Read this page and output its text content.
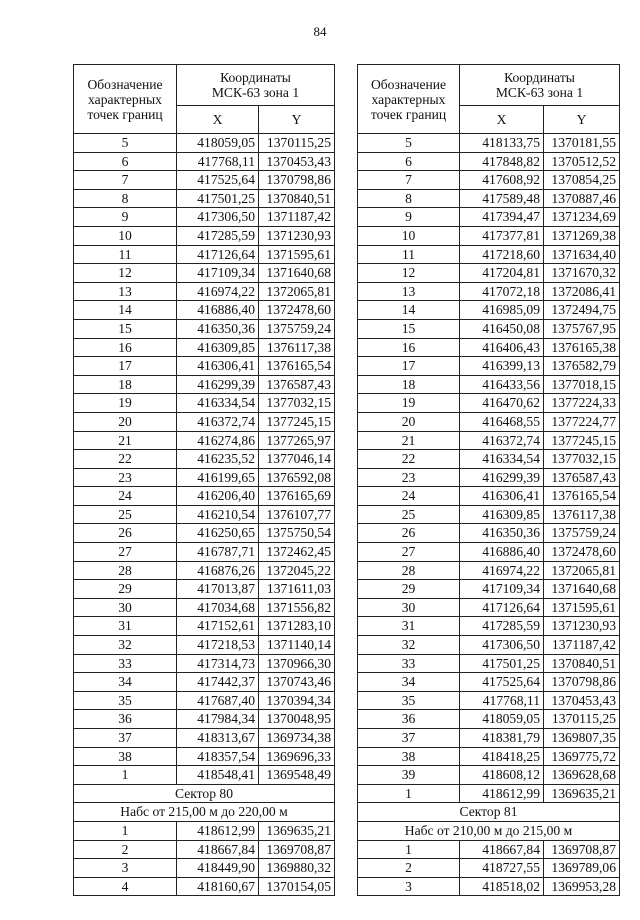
84
Обозначение
характерных
точек границ	Координаты
МСК-63 зона 1	
	X	Y
5	418059,05	1370115,25
6	417768,11	1370453,43
7	417525,64	1370798,86
8	417501,25	1370840,51
9	417306,50	1371187,42
10	417285,59	1371230,93
11	417126,64	1371595,61
12	417109,34	1371640,68
13	416974,22	1372065,81
14	416886,40	1372478,60
15	416350,36	1375759,24
16	416309,85	1376117,38
17	416306,41	1376165,54
18	416299,39	1376587,43
19	416334,54	1377032,15
20	416372,74	1377245,15
21	416274,86	1377265,97
22	416235,52	1377046,14
23	416199,65	1376592,08
24	416206,40	1376165,69
25	416210,54	1376107,77
26	416250,65	1375750,54
27	416787,71	1372462,45
28	416876,26	1372045,22
29	417013,87	1371611,03
30	417034,68	1371556,82
31	417152,61	1371283,10
32	417218,53	1371140,14
33	417314,73	1370966,30
34	417442,37	1370743,46
35	417687,40	1370394,34
36	417984,34	1370048,95
37	418313,67	1369734,38
38	418357,54	1369696,33
1	418548,41	1369548,49
Сектор 80		
Набс от 215,00 м до 220,00 м		
1	418612,99	1369635,21
2	418667,84	1369708,87
3	418449,90	1369880,32
4	418160,67	1370154,05
Обозначение
характерных
точек границ	Координаты
МСК-63 зона 1	
	X	Y
5	418133,75	1370181,55
6	417848,82	1370512,52
7	417608,92	1370854,25
8	417589,48	1370887,46
9	417394,47	1371234,69
10	417377,81	1371269,38
11	417218,60	1371634,40
12	417204,81	1371670,32
13	417072,18	1372086,41
14	416985,09	1372494,75
15	416450,08	1375767,95
16	416406,43	1376165,38
17	416399,13	1376582,79
18	416433,56	1377018,15
19	416470,62	1377224,33
20	416468,55	1377224,77
21	416372,74	1377245,15
22	416334,54	1377032,15
23	416299,39	1376587,43
24	416306,41	1376165,54
25	416309,85	1376117,38
26	416350,36	1375759,24
27	416886,40	1372478,60
28	416974,22	1372065,81
29	417109,34	1371640,68
30	417126,64	1371595,61
31	417285,59	1371230,93
32	417306,50	1371187,42
33	417501,25	1370840,51
34	417525,64	1370798,86
35	417768,11	1370453,43
36	418059,05	1370115,25
37	418381,79	1369807,35
38	418418,25	1369775,72
39	418608,12	1369628,68
1	418612,99	1369635,21
Сектор 81		
Набс от 210,00 м до 215,00 м		
1	418667,84	1369708,87
2	418727,55	1369789,06
3	418518,02	1369953,28
